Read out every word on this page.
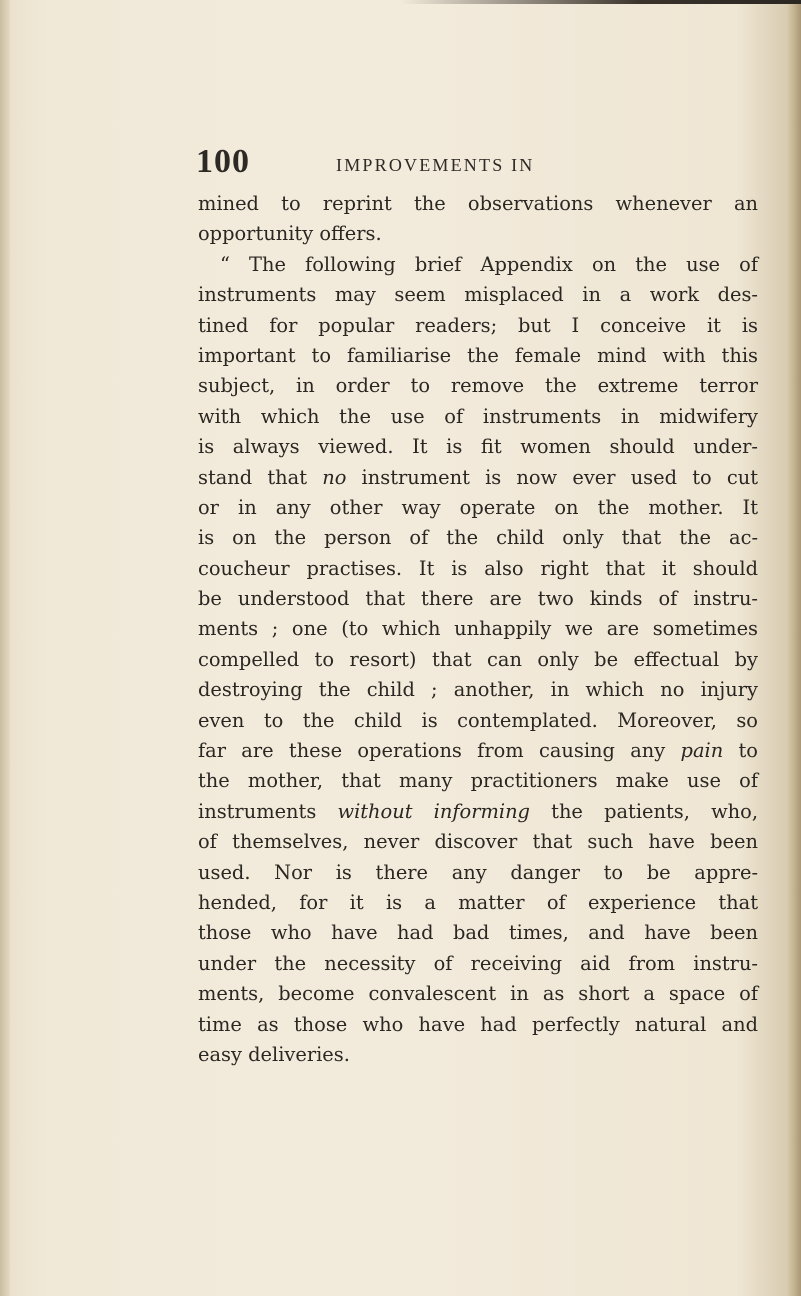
100	IMPROVEMENTS IN
mined to reprint the observations whenever an
opportunity offers.
“ The following brief Appendix on the use of
instruments may seem misplaced in a work des-
tined for popular readers; but I conceive it is
important to familiarise the female mind with this
subject, in order to remove the extreme terror
with which the use of instruments in midwifery
is always viewed. It is fit women should under-
stand that no instrument is now ever used to cut
or in any other way operate on the mother. It
is on the person of the child only that the ac-
coucheur practises. It is also right that it should
be understood that there are two kinds of instru-
ments ; one (to which unhappily we are sometimes
compelled to resort) that can only be effectual by
destroying the child ; another, in which no injury
even to the child is contemplated. Moreover, so
far are these operations from causing any pain to
the mother, that many practitioners make use of
instruments without informing the patients, who,
of themselves, never discover that such have been
used. Nor is there any danger to be appre-
hended, for it is a matter of experience that
those who have had bad times, and have been
under the necessity of receiving aid from instru-
ments, become convalescent in as short a space of
time as those who have had perfectly natural and
easy deliveries.
